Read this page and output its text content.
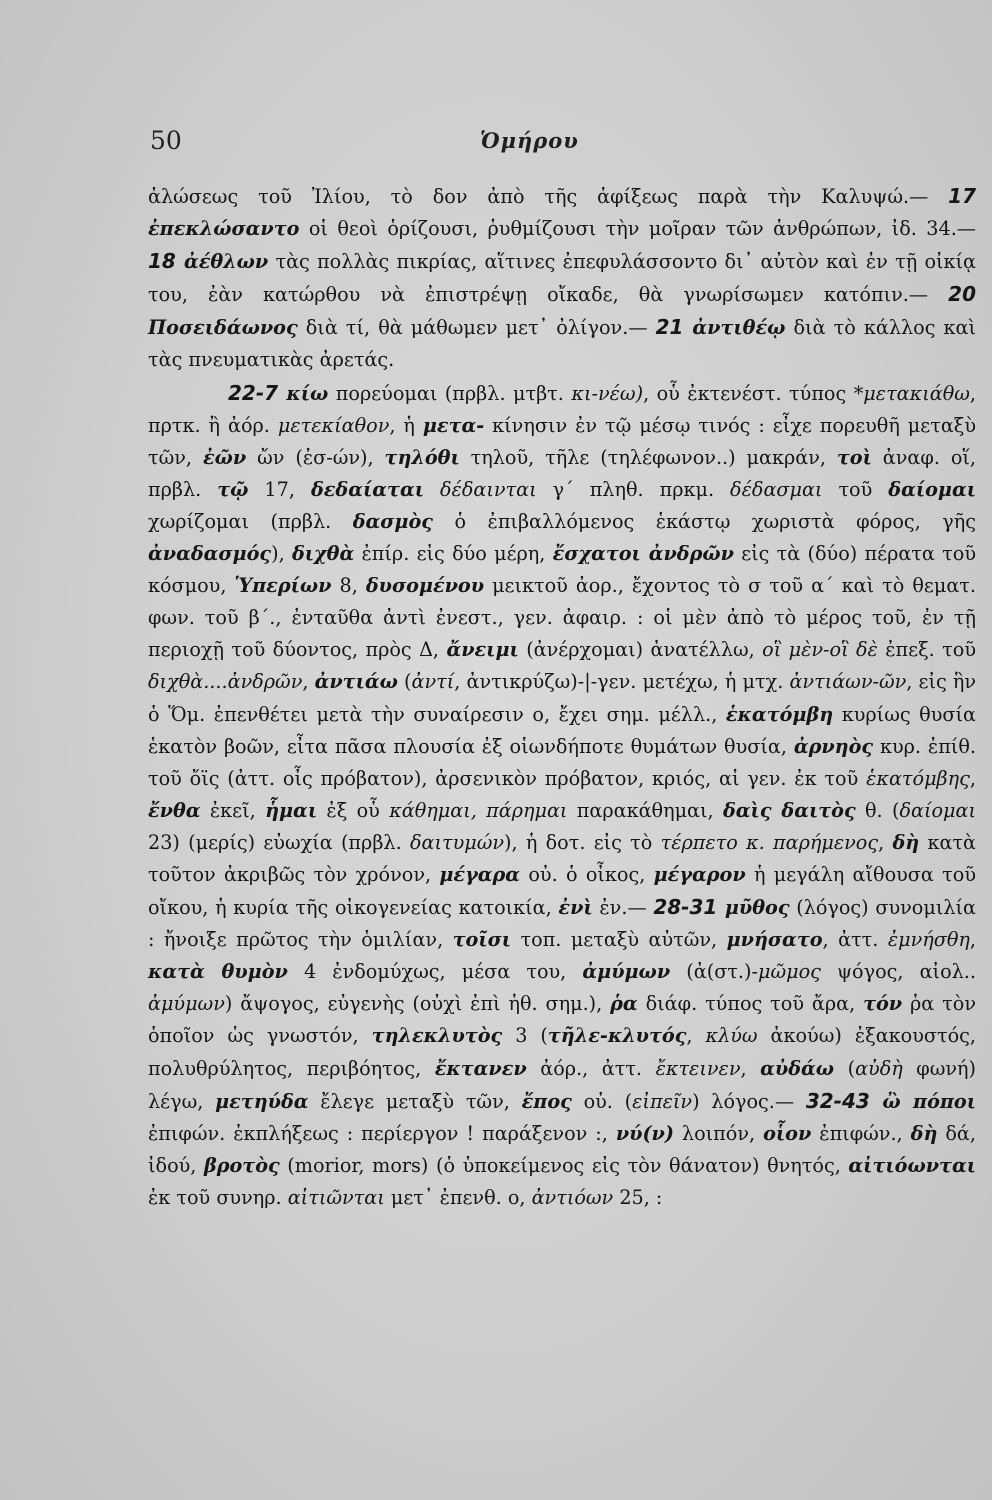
50	Ὁμήρου

ἁλώσεως τοῦ Ἰλίου, τὸ δον ἀπὸ τῆς ἀφίξεως παρὰ τὴν Καλυψώ.— 17 ἐπεκλώσαντο οἱ θεοὶ ὁρίζουσι, ῥυθμίζουσι τὴν μοῖραν τῶν ἀνθρώπων, ἰδ. 34.— 18 ἀέθλων τὰς πολλὰς πικρίας, αἵτινες ἐπεφυλάσσοντο δι᾽ αὐτὸν καὶ ἐν τῇ οἰκίᾳ του, ἐὰν κατώρθου νὰ ἐπιστρέψῃ οἴκαδε, θὰ γνωρίσωμεν κατόπιν.— 20 Ποσειδάωνος διὰ τί, θὰ μάθωμεν μετ᾽ ὀλίγον.— 21 ἀντιθέῳ διὰ τὸ κάλλος καὶ τὰς πνευματικὰς ἀρετάς.

22-7 κίω πορεύομαι (πρβλ. μτβτ. κι-νέω), οὗ ἐκτενέστ. τύπος *μετακιάθω, πρτκ. ἢ ἀόρ. μετεκίαθον, ἡ μετα- κίνησιν ἐν τῷ μέσῳ τινός : εἶχε πορευθῆ μεταξὺ τῶν, ἐῶν ὤν (ἐσ-ών), τηλόθι τηλοῦ, τῆλε (τηλέφωνον..) μακράν, τοὶ ἀναφ. οἵ, πρβλ. τῷ 17, δεδαίαται δέδαινται γ´ πληθ. πρκμ. δέδασμαι τοῦ δαίομαι χωρίζομαι (πρβλ. δασμὸς ὁ ἐπιβαλλόμενος ἑκάστῳ χωριστὰ φόρος, γῆς ἀναδασμός), διχθὰ ἐπίρ. εἰς δύο μέρη, ἔσχατοι ἀνδρῶν εἰς τὰ (δύο) πέρατα τοῦ κόσμου, Ὑπερίων 8, δυσομένου μεικτοῦ ἀορ., ἔχοντος τὸ σ τοῦ α´ καὶ τὸ θεματ. φων. τοῦ β´., ἐνταῦθα ἀντὶ ἐνεστ., γεν. ἀφαιρ. : οἱ μὲν ἀπὸ τὸ μέρος τοῦ, ἐν τῇ περιοχῇ τοῦ δύοντος, πρὸς Δ, ἄνειμι (ἀνέρχομαι) ἀνατέλλω, οἳ μὲν-οἳ δὲ ἐπεξ. τοῦ διχθὰ....ἀνδρῶν, ἀντιάω (ἀντί, ἀντικρύζω)-|-γεν. μετέχω, ἡ μτχ. ἀντιάων-ῶν, εἰς ἣν ὁ Ὅμ. ἐπενθέτει μετὰ τὴν συναίρεσιν ο, ἔχει σημ. μέλλ., ἑκατόμβη κυρίως θυσία ἑκατὸν βοῶν, εἶτα πᾶσα πλουσία ἐξ οἱωνδήποτε θυμάτων θυσία, ἀρνηὸς κυρ. ἐπίθ. τοῦ ὄϊς (ἀττ. οἶς πρόβατον), ἀρσενικὸν πρόβατον, κριός, αἱ γεν. ἐκ τοῦ ἑκατόμβης, ἔνθα ἐκεῖ, ἧμαι ἐξ οὗ κάθημαι, πάρημαι παρακάθημαι, δαὶς δαιτὸς θ. (δαίομαι 23) (μερίς) εὐωχία (πρβλ. δαιτυμών), ἡ δοτ. εἰς τὸ τέρπετο κ. παρήμενος, δὴ κατὰ τοῦτον ἀκριβῶς τὸν χρόνον, μέγαρα οὐ. ὁ οἶκος, μέγαρον ἡ μεγάλη αἴθουσα τοῦ οἴκου, ἡ κυρία τῆς οἰκογενείας κατοικία, ἐνὶ ἐν.— 28-31 μῦθος (λόγος) συνομιλία : ἤνοιξε πρῶτος τὴν ὁμιλίαν, τοῖσι τοπ. μεταξὺ αὐτῶν, μνήσατο, ἀττ. ἐμνήσθη, κατὰ θυμὸν 4 ἐνδομύχως, μέσα του, ἀμύμων (ἀ(στ.)-μῶμος ψόγος, αἰολ.. ἀμύμων) ἄψογος, εὐγενὴς (οὐχὶ ἐπὶ ἠθ. σημ.), ῥα διάφ. τύπος τοῦ ἄρα, τόν ῥα τὸν ὁποῖον ὡς γνωστόν, τηλεκλυτὸς 3 (τῆλε-κλυτός, κλύω ἀκούω) ἐξακουστός, πολυθρύλητος, περιβόητος, ἔκτανεν ἀόρ., ἀττ. ἔκτεινεν, αὐδάω (αὐδὴ φωνή) λέγω, μετηύδα ἔλεγε μεταξὺ τῶν, ἔπος οὐ. (εἰπεῖν) λόγος.— 32-43 ὢ πόποι ἐπιφών. ἐκπλήξεως : περίεργον ! παράξενον :, νύ(ν) λοιπόν, οἷον ἐπιφών., δὴ δά, ἰδού, βροτὸς (morior, mors) (ὁ ὑποκείμενος εἰς τὸν θάνατον) θνητός, αἰτιόωνται ἐκ τοῦ συνηρ. αἰτιῶνται μετ᾽ ἐπενθ. ο, ἀντιόων 25, :
